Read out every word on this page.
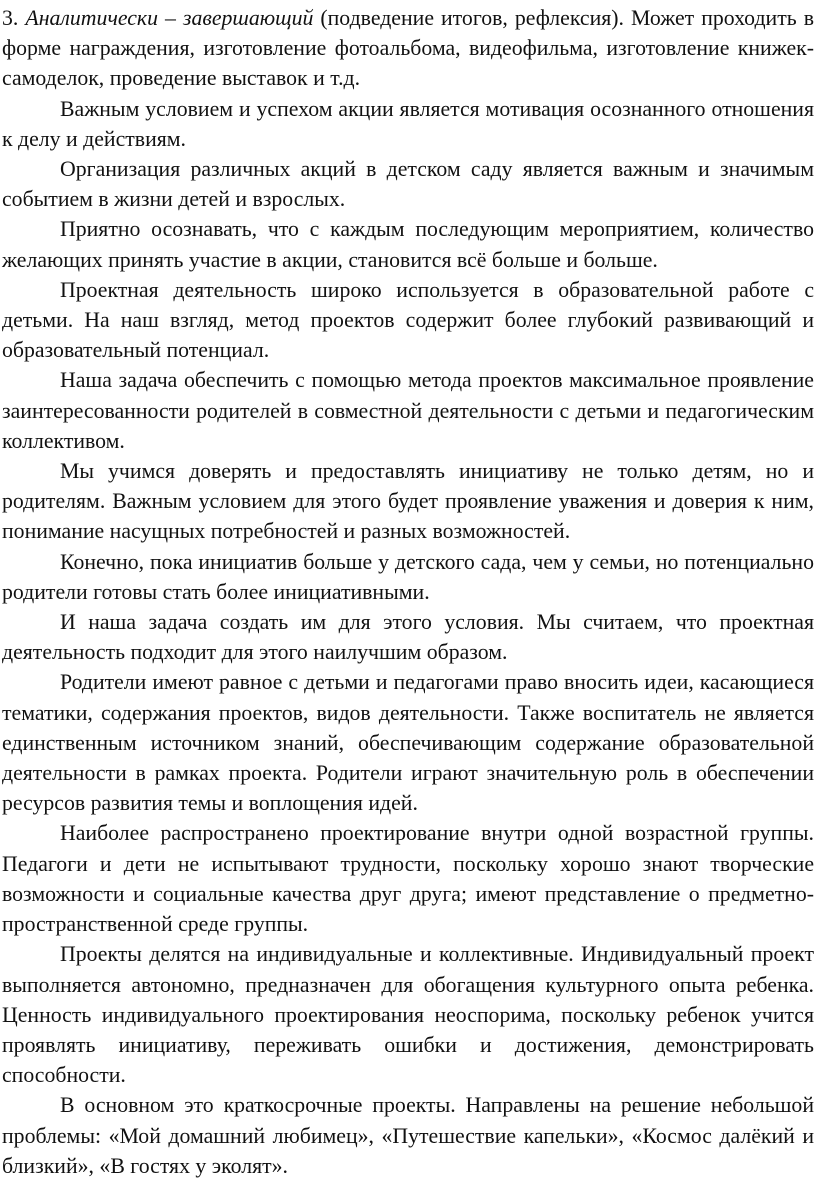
3. Аналитически – завершающий (подведение итогов, рефлексия). Может проходить в форме награждения, изготовление фотоальбома, видеофильма, изготовление книжек-самоделок, проведение выставок и т.д.

Важным условием и успехом акции является мотивация осознанного отношения к делу и действиям.

Организация различных акций в детском саду является важным и значимым событием в жизни детей и взрослых.

Приятно осознавать, что с каждым последующим мероприятием, количество желающих принять участие в акции, становится всё больше и больше.

Проектная деятельность широко используется в образовательной работе с детьми. На наш взгляд, метод проектов содержит более глубокий развивающий и образовательный потенциал.

Наша задача обеспечить с помощью метода проектов максимальное проявление заинтересованности родителей в совместной деятельности с детьми и педагогическим коллективом.

Мы учимся доверять и предоставлять инициативу не только детям, но и родителям. Важным условием для этого будет проявление уважения и доверия к ним, понимание насущных потребностей и разных возможностей.

Конечно, пока инициатив больше у детского сада, чем у семьи, но потенциально родители готовы стать более инициативными.

И наша задача создать им для этого условия. Мы считаем, что проектная деятельность подходит для этого наилучшим образом.

Родители имеют равное с детьми и педагогами право вносить идеи, касающиеся тематики, содержания проектов, видов деятельности. Также воспитатель не является единственным источником знаний, обеспечивающим содержание образовательной деятельности в рамках проекта. Родители играют значительную роль в обеспечении ресурсов развития темы и воплощения идей.

Наиболее распространено проектирование внутри одной возрастной группы. Педагоги и дети не испытывают трудности, поскольку хорошо знают творческие возможности и социальные качества друг друга; имеют представление о предметно-пространственной среде группы.

Проекты делятся на индивидуальные и коллективные. Индивидуальный проект выполняется автономно, предназначен для обогащения культурного опыта ребенка. Ценность индивидуального проектирования неоспорима, поскольку ребенок учится проявлять инициативу, переживать ошибки и достижения, демонстрировать способности.

В основном это краткосрочные проекты. Направлены на решение небольшой проблемы: «Мой домашний любимец», «Путешествие капельки», «Космос далёкий и близкий», «В гостях у эколят».
